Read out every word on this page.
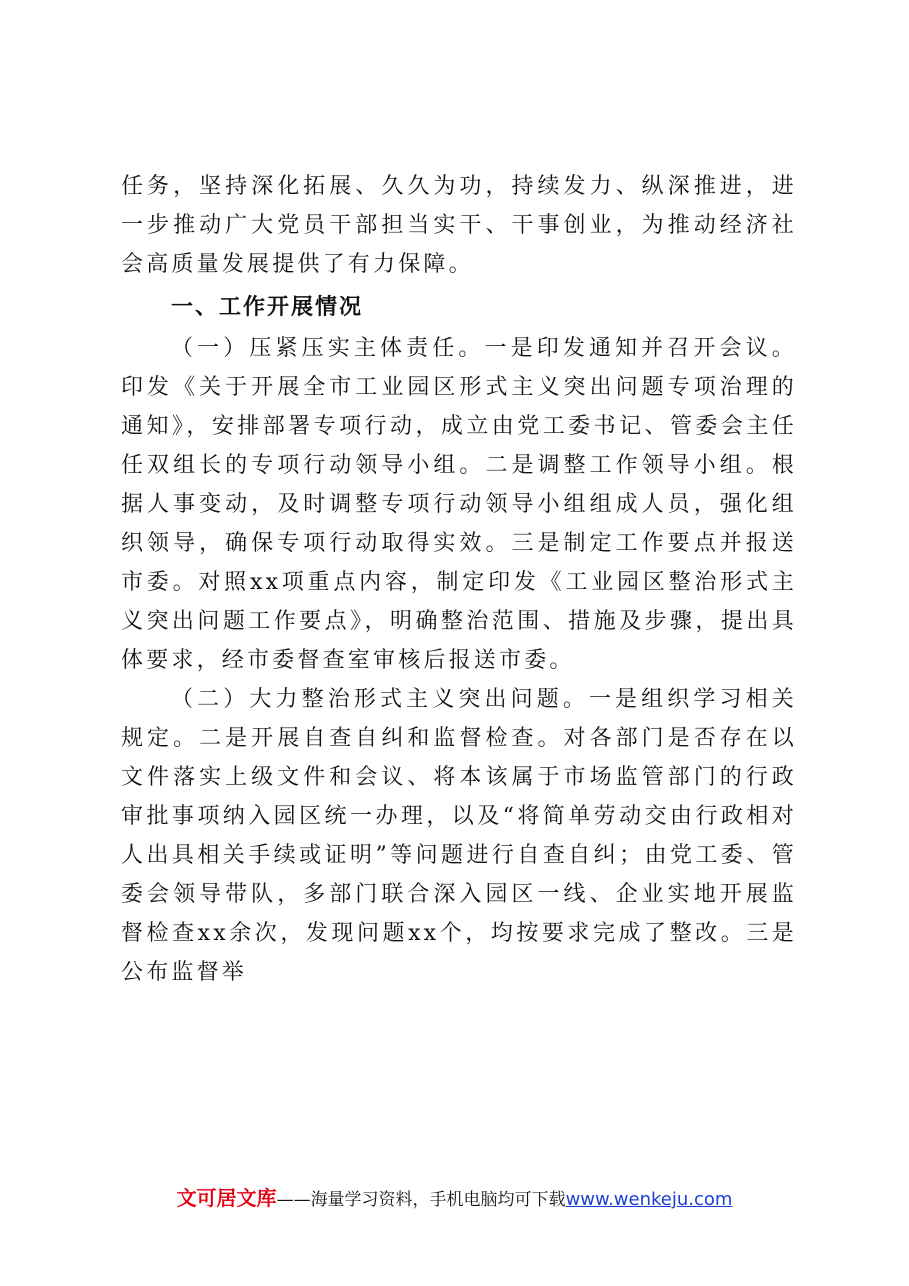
任务，坚持深化拓展、久久为功，持续发力、纵深推进，进一步推动广大党员干部担当实干、干事创业，为推动经济社会高质量发展提供了有力保障。

一、工作开展情况

（一）压紧压实主体责任。一是印发通知并召开会议。印发《关于开展全市工业园区形式主义突出问题专项治理的通知》，安排部署专项行动，成立由党工委书记、管委会主任任双组长的专项行动领导小组。二是调整工作领导小组。根据人事变动，及时调整专项行动领导小组组成人员，强化组织领导，确保专项行动取得实效。三是制定工作要点并报送市委。对照xx项重点内容，制定印发《工业园区整治形式主义突出问题工作要点》，明确整治范围、措施及步骤，提出具体要求，经市委督查室审核后报送市委。

（二）大力整治形式主义突出问题。一是组织学习相关规定。二是开展自查自纠和监督检查。对各部门是否存在以文件落实上级文件和会议、将本该属于市场监管部门的行政审批事项纳入园区统一办理，以及“将简单劳动交由行政相对人出具相关手续或证明”等问题进行自查自纠；由党工委、管委会领导带队，多部门联合深入园区一线、企业实地开展监督检查xx余次，发现问题xx个，均按要求完成了整改。三是公布监督举

文可居文库——海量学习资料，手机电脑均可下载www.wenkeju.com
